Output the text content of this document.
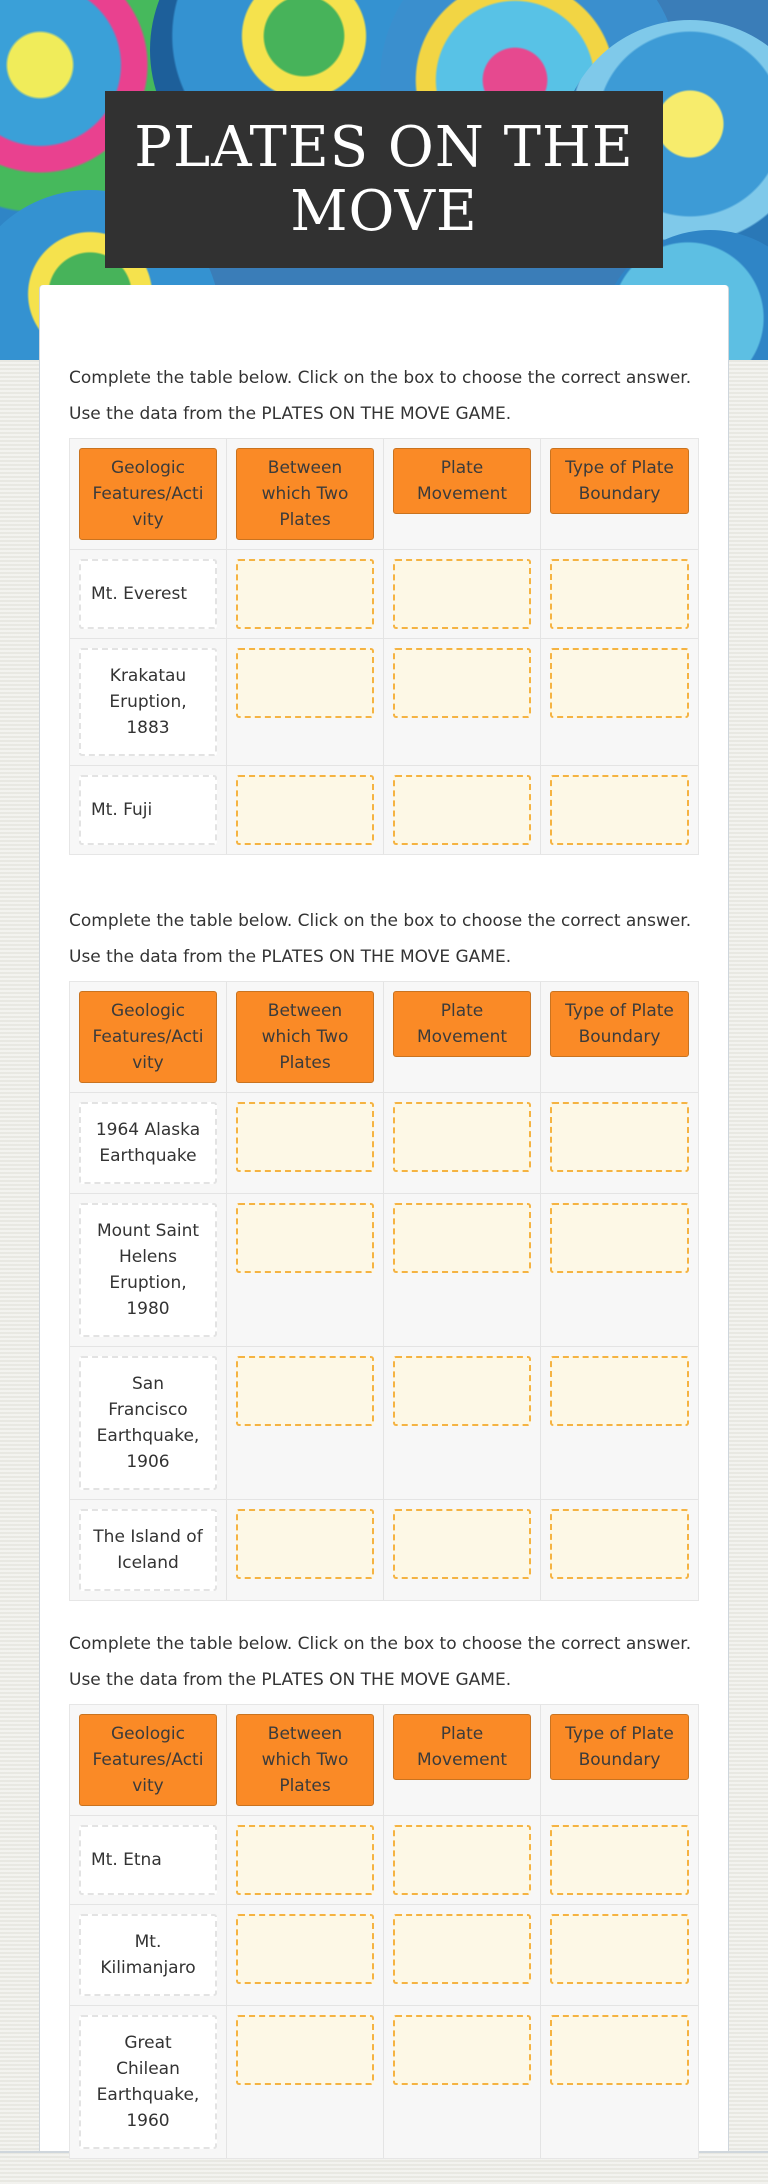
PLATES ON THE MOVE

Complete the table below. Click on the box to choose the correct answer.

Use the data from the PLATES ON THE MOVE GAME.

Geologic Features/Acti vity
Between which Two Plates
Plate Movement
Type of Plate Boundary
Mt. Everest
Krakatau Eruption, 1883
Mt. Fuji

Complete the table below. Click on the box to choose the correct answer.

Use the data from the PLATES ON THE MOVE GAME.

Geologic Features/Acti vity
Between which Two Plates
Plate Movement
Type of Plate Boundary
1964 Alaska Earthquake
Mount Saint Helens Eruption, 1980
San Francisco Earthquake, 1906
The Island of Iceland

Complete the table below. Click on the box to choose the correct answer.

Use the data from the PLATES ON THE MOVE GAME.

Geologic Features/Acti vity
Between which Two Plates
Plate Movement
Type of Plate Boundary
Mt. Etna
Mt. Kilimanjaro
Great Chilean Earthquake, 1960
